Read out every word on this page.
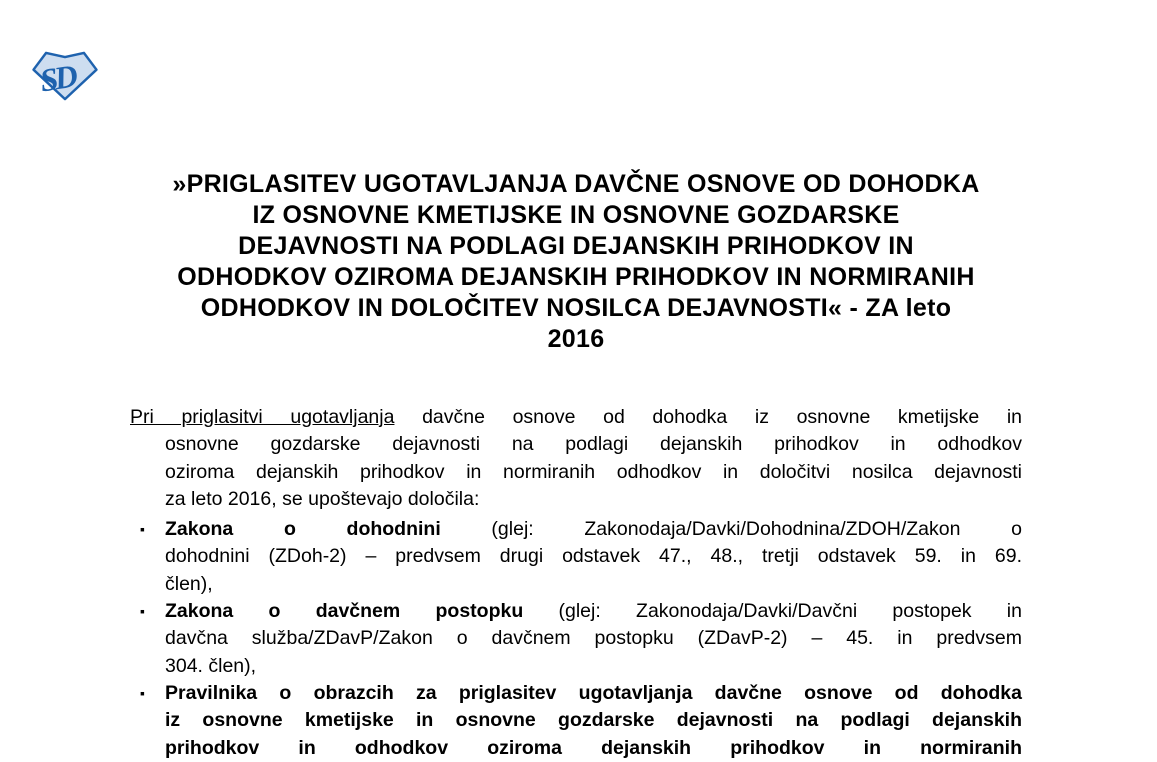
SD
»PRIGLASITEV UGOTAVLJANJA DAVČNE OSNOVE OD DOHODKA
IZ OSNOVNE KMETIJSKE IN OSNOVNE GOZDARSKE
DEJAVNOSTI NA PODLAGI DEJANSKIH PRIHODKOV IN
ODHODKOV OZIROMA DEJANSKIH PRIHODKOV IN NORMIRANIH
ODHODKOV IN DOLOČITEV NOSILCA DEJAVNOSTI« - ZA leto
2016
Pri priglasitvi ugotavljanja davčne osnove od dohodka iz osnovne kmetijske in
osnovne gozdarske dejavnosti na podlagi dejanskih prihodkov in odhodkov
oziroma dejanskih prihodkov in normiranih odhodkov in določitvi nosilca dejavnosti
za leto 2016, se upoštevajo določila:
▪ Zakona o dohodnini (glej: Zakonodaja/Davki/Dohodnina/ZDOH/Zakon o
dohodnini (ZDoh-2) – predvsem drugi odstavek 47., 48., tretji odstavek 59. in 69.
člen),
▪ Zakona o davčnem postopku (glej: Zakonodaja/Davki/Davčni postopek in
davčna služba/ZDavP/Zakon o davčnem postopku (ZDavP-2) – 45. in predvsem
304. člen),
▪ Pravilnika o obrazcih za priglasitev ugotavljanja davčne osnove od dohodka
iz osnovne kmetijske in osnovne gozdarske dejavnosti na podlagi dejanskih
prihodkov in odhodkov oziroma dejanskih prihodkov in normiranih
